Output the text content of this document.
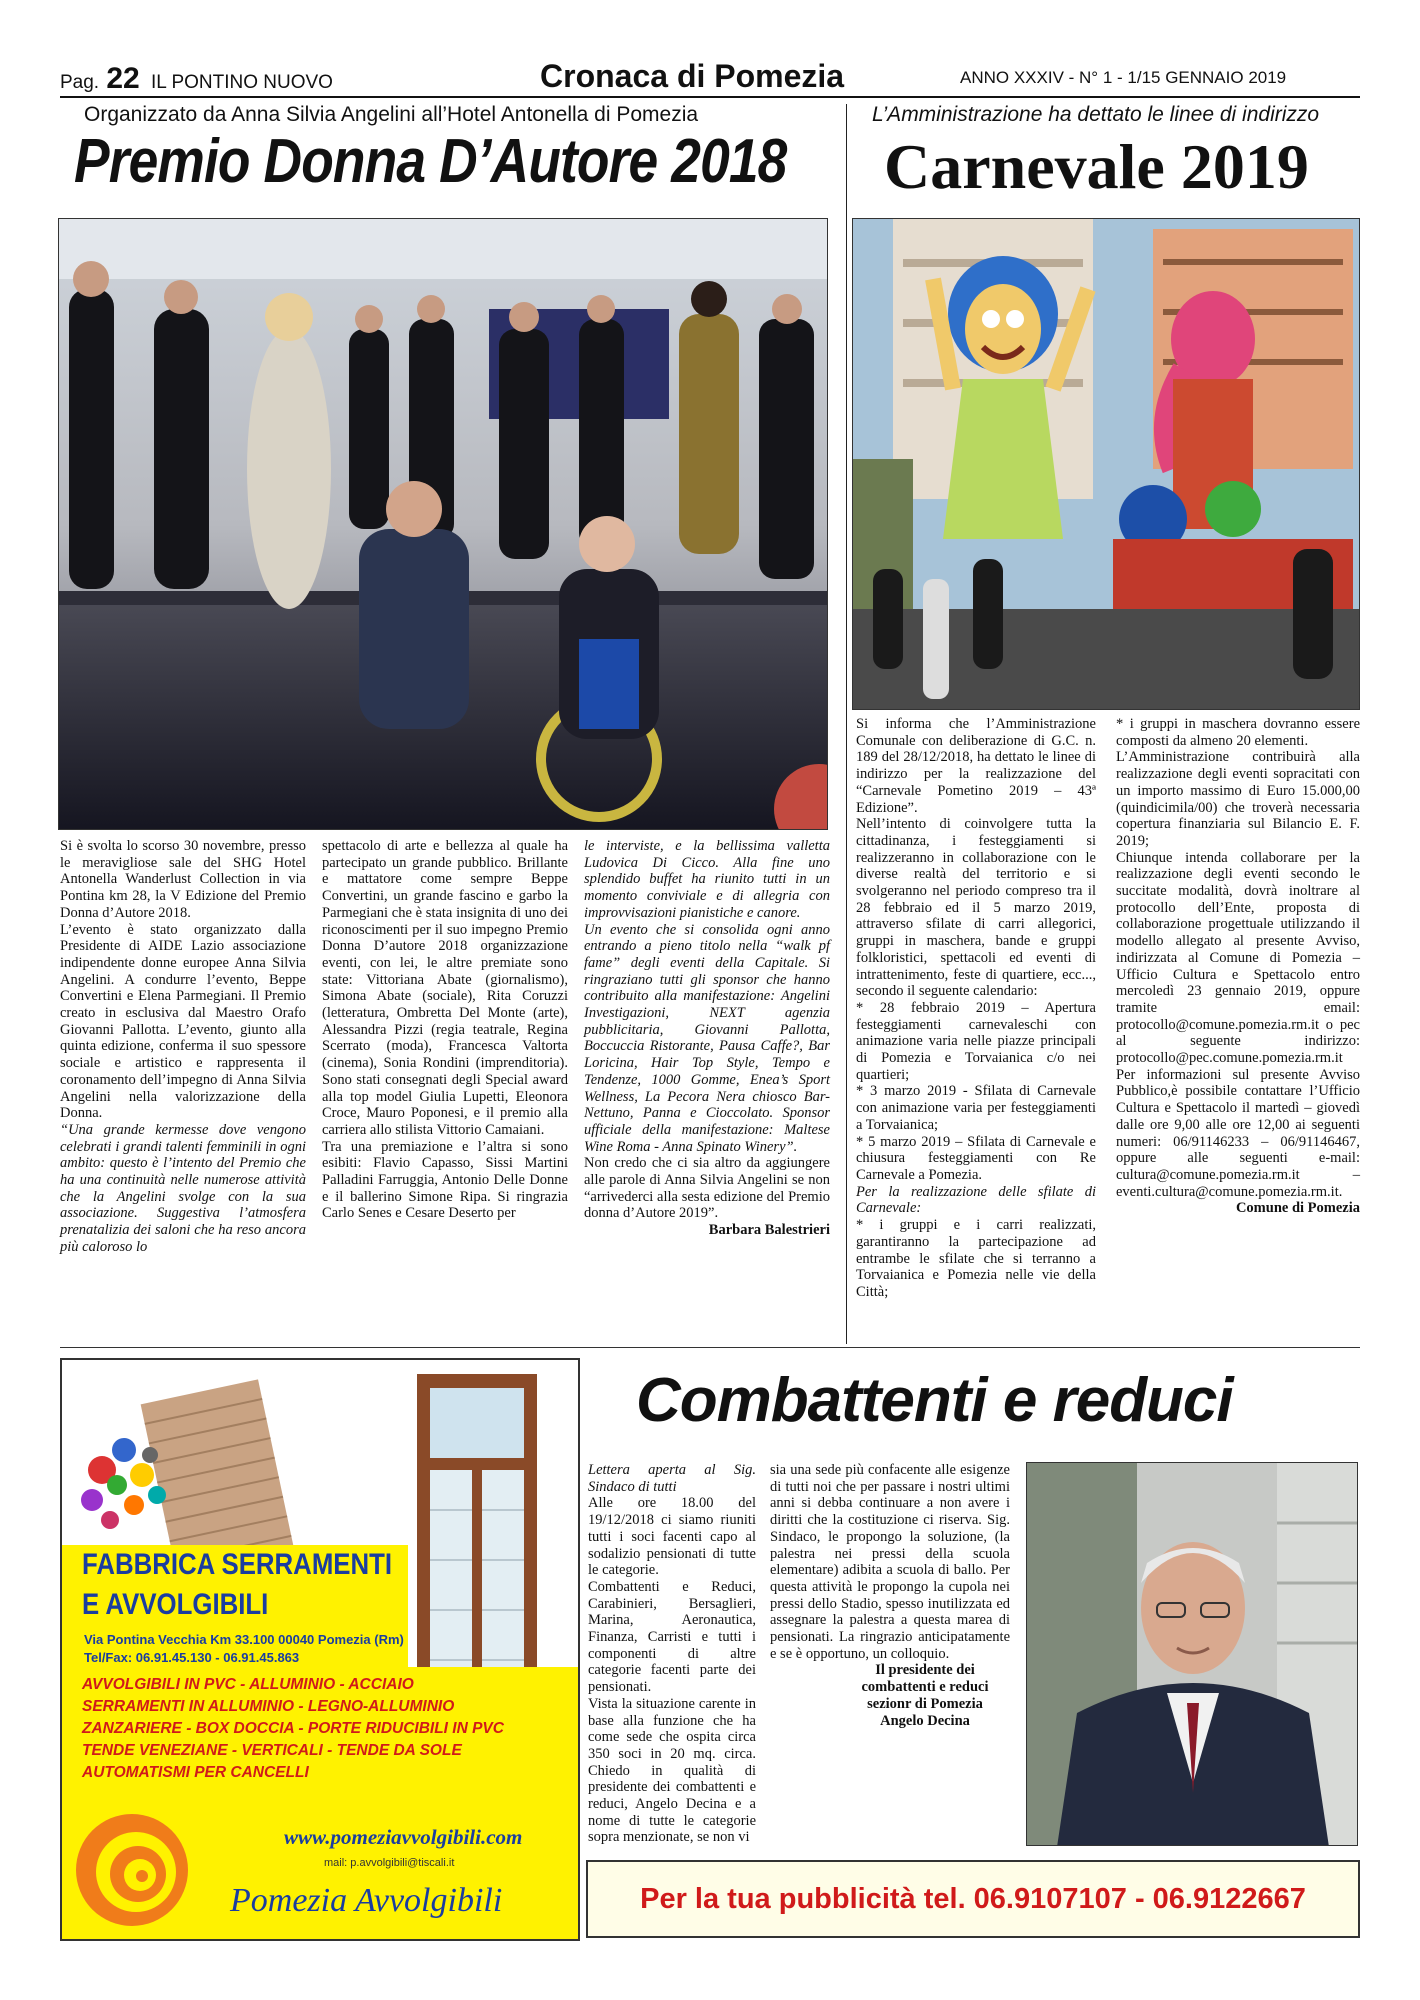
Pag. 22 IL PONTINO NUOVO	Cronaca di Pomezia	ANNO XXXIV - N° 1 - 1/15 GENNAIO 2019
Organizzato da Anna Silvia Angelini all’Hotel Antonella di Pomezia
Premio Donna D’Autore 2018

Si è svolta lo scorso 30 novembre, presso le meravigliose sale del SHG Hotel Antonella Wanderlust Collection in via Pontina km 28, la V Edizione del Premio Donna d’Autore 2018.

L’evento è stato organizzato dalla Presidente di AIDE Lazio associazione indipendente donne europee Anna Silvia Angelini. A condurre l’evento, Beppe Convertini e Elena Parmegiani. Il Premio creato in esclusiva dal Maestro Orafo Giovanni Pallotta. L’evento, giunto alla quinta edizione, conferma il suo spessore sociale e artistico e rappresenta il coronamento dell’impegno di Anna Silvia Angelini nella valorizzazione della Donna.

“Una grande kermesse dove vengono celebrati i grandi talenti femminili in ogni ambito: questo è l’intento del Premio che ha una continuità nelle numerose attività che la Angelini svolge con la sua associazione. Suggestiva l’atmosfera prenatalizia dei saloni che ha reso ancora più caloroso lo

spettacolo di arte e bellezza al quale ha partecipato un grande pubblico. Brillante e mattatore come sempre Beppe Convertini, un grande fascino e garbo la Parmegiani che è stata insignita di uno dei riconoscimenti per il suo impegno Premio Donna D’autore 2018 organizzazione eventi, con lei, le altre premiate sono state: Vittoriana Abate (giornalismo), Simona Abate (sociale), Rita Coruzzi (letteratura, Ombretta Del Monte (arte), Alessandra Pizzi (regia teatrale, Regina Scerrato (moda), Francesca Valtorta (cinema), Sonia Rondini (imprenditoria). Sono stati consegnati degli Special award alla top model Giulia Lupetti, Eleonora Croce, Mauro Poponesi, e il premio alla carriera allo stilista Vittorio Camaiani.

Tra una premiazione e l’altra si sono esibiti: Flavio Capasso, Sissi Martini Palladini Farruggia, Antonio Delle Donne e il ballerino Simone Ripa. Si ringrazia Carlo Senes e Cesare Deserto per

le interviste, e la bellissima valletta Ludovica Di Cicco. Alla fine uno splendido buffet ha riunito tutti in un momento conviviale e di allegria con improvvisazioni pianistiche e canore.

Un evento che si consolida ogni anno entrando a pieno titolo nella “walk pf fame” degli eventi della Capitale. Si ringraziano tutti gli sponsor che hanno contribuito alla manifestazione: Angelini Investigazioni, NEXT agenzia pubblicitaria, Giovanni Pallotta, Boccuccia Ristorante, Pausa Caffe?, Bar Loricina, Hair Top Style, Tempo e Tendenze, 1000 Gomme, Enea’s Sport Wellness, La Pecora Nera chiosco Bar-Nettuno, Panna e Cioccolato. Sponsor ufficiale della manifestazione: Maltese Wine Roma - Anna Spinato Winery”.

Non credo che ci sia altro da aggiungere alle parole di Anna Silvia Angelini se non “arrivederci alla sesta edizione del Premio donna d’Autore 2019”.

Barbara Balestrieri
L’Amministrazione ha dettato le linee di indirizzo
Carnevale 2019

Si informa che l’Amministrazione Comunale con deliberazione di G.C. n. 189 del 28/12/2018, ha dettato le linee di indirizzo per la realizzazione del “Carnevale Pometino 2019 – 43ª Edizione”.

Nell’intento di coinvolgere tutta la cittadinanza, i festeggiamenti si realizzeranno in collaborazione con le diverse realtà del territorio e si svolgeranno nel periodo compreso tra il 28 febbraio ed il 5 marzo 2019, attraverso sfilate di carri allegorici, gruppi in maschera, bande e gruppi folkloristici, spettacoli ed eventi di intrattenimento, feste di quartiere, ecc..., secondo il seguente calendario:

* 28 febbraio 2019 – Apertura festeggiamenti carnevaleschi con animazione varia nelle piazze principali di Pomezia e Torvaianica c/o nei quartieri;

* 3 marzo 2019 - Sfilata di Carnevale con animazione varia per festeggiamenti a Torvaianica;

* 5 marzo 2019 – Sfilata di Carnevale e chiusura festeggiamenti con Re Carnevale a Pomezia.

Per la realizzazione delle sfilate di Carnevale:

* i gruppi e i carri realizzati, garantiranno la partecipazione ad entrambe le sfilate che si terranno a Torvaianica e Pomezia nelle vie della Città;

* i gruppi in maschera dovranno essere composti da almeno 20 elementi.

L’Amministrazione contribuirà alla realizzazione degli eventi sopracitati con un importo massimo di Euro 15.000,00 (quindicimila/00) che troverà necessaria copertura finanziaria sul Bilancio E. F. 2019;

Chiunque intenda collaborare per la realizzazione degli eventi secondo le succitate modalità, dovrà inoltrare al protocollo dell’Ente, proposta di collaborazione progettuale utilizzando il modello allegato al presente Avviso, indirizzata al Comune di Pomezia – Ufficio Cultura e Spettacolo entro mercoledì 23 gennaio 2019, oppure tramite email: protocollo@comune.pomezia.rm.it o pec al seguente indirizzo: protocollo@pec.comune.pomezia.rm.it

Per informazioni sul presente Avviso Pubblico,è possibile contattare l’Ufficio Cultura e Spettacolo il martedì – giovedì dalle ore 9,00 alle ore 12,00 ai seguenti numeri: 06/91146233 – 06/91146467, oppure alle seguenti e-mail: cultura@comune.pomezia.rm.it – eventi.cultura@comune.pomezia.rm.it.

Comune di Pomezia
FABBRICA SERRAMENTI
E AVVOLGIBILI
Via Pontina Vecchia Km 33.100 00040 Pomezia (Rm)
Tel/Fax: 06.91.45.130 - 06.91.45.863
AVVOLGIBILI IN PVC - ALLUMINIO - ACCIAIO
SERRAMENTI IN ALLUMINIO - LEGNO-ALLUMINIO
ZANZARIERE - BOX DOCCIA - PORTE RIDUCIBILI IN PVC
TENDE VENEZIANE - VERTICALI - TENDE DA SOLE
AUTOMATISMI PER CANCELLI
www.pomeziavvolgibili.com
mail: p.avvolgibili@tiscali.it
Pomezia Avvolgibili
Combattenti e reduci

Lettera aperta al Sig. Sindaco di tutti

Alle ore 18.00 del 19/12/2018 ci siamo riuniti tutti i soci facenti capo al sodalizio pensionati di tutte le categorie.

Combattenti e Reduci, Carabinieri, Bersaglieri, Marina, Aeronautica, Finanza, Carristi e tutti i componenti di altre categorie facenti parte dei pensionati.

Vista la situazione carente in base alla funzione che ha come sede che ospita circa 350 soci in 20 mq. circa. Chiedo in qualità di presidente dei combattenti e reduci, Angelo Decina e a nome di tutte le categorie sopra menzionate, se non vi

sia una sede più confacente alle esigenze di tutti noi che per passare i nostri ultimi anni si debba continuare a non avere i diritti che la costituzione ci riserva. Sig. Sindaco, le propongo la soluzione, (la palestra nei pressi della scuola elementare) adibita a scuola di ballo. Per questa attività le propongo la cupola nei pressi dello Stadio, spesso inutilizzata ed assegnare la palestra a questa marea di pensionati. La ringrazio anticipatamente e se è opportuno, un colloquio.

Il presidente dei
combattenti e reduci
sezionr di Pomezia
Angelo Decina
Per la tua pubblicità tel. 06.9107107 - 06.9122667
